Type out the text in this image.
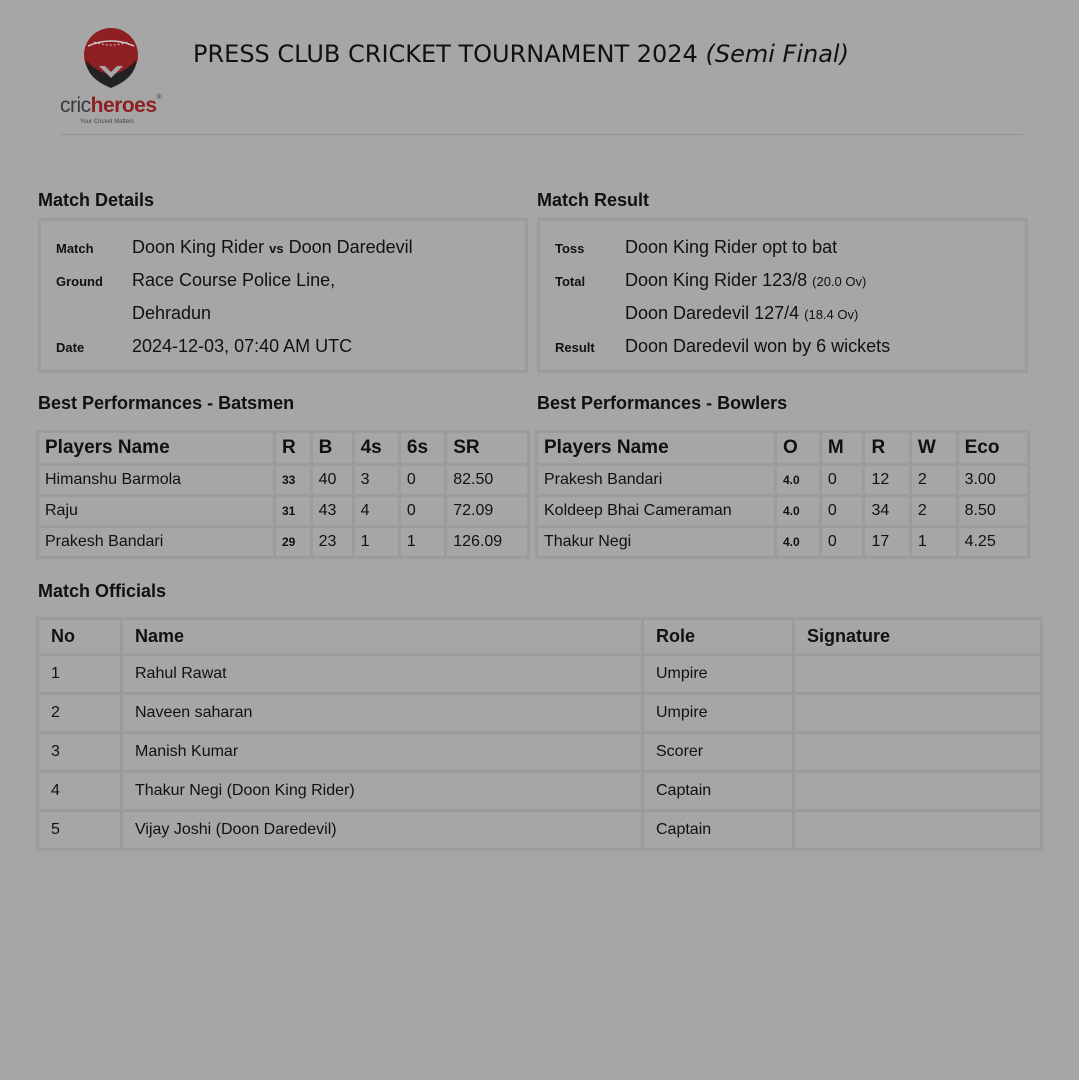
cricheroes®
Your Cricket Matters
PRESS CLUB CRICKET TOURNAMENT 2024 (Semi Final)
Match Details
Match Doon King Rider vs Doon Daredevil
Ground Race Course Police Line,
Dehradun
Date	2024-12-03, 07:40 AM UTC
Match Result
Toss Doon King Rider opt to bat
Total Doon King Rider 123/8 (20.0 Ov)
Doon Daredevil 127/4 (18.4 Ov)
Result Doon Daredevil won by 6 wickets
Best Performances - Batsmen
Players Name	R	B	4s	6s	SR
Himanshu Barmola	33	40	3	0	82.50
Raju	31	43	4	0	72.09
Prakesh Bandari	29	23	1	1	126.09
Best Performances - Bowlers
Players Name	O	M	R	W	Eco
Prakesh Bandari	4.0	0	12	2	3.00
Koldeep Bhai Cameraman	4.0	0	34	2	8.50
Thakur Negi	4.0	0	17	1	4.25
Match Officials
No	Name	Role	Signature
1	Rahul Rawat	Umpire	
2	Naveen saharan	Umpire	
3	Manish Kumar	Scorer	
4	Thakur Negi (Doon King Rider)	Captain	
5	Vijay Joshi (Doon Daredevil)	Captain	
